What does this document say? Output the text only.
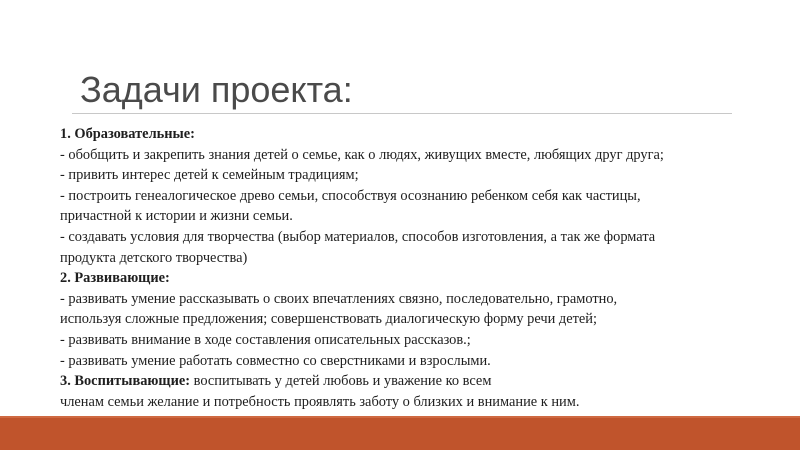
Задачи проекта:
1. Образовательные:
- обобщить и закрепить знания детей о семье, как о людях, живущих вместе, любящих друг друга;
- привить интерес детей к семейным традициям;
- построить генеалогическое древо семьи, способствуя осознанию ребенком себя как частицы,
причастной к истории и жизни семьи.
- создавать условия для творчества (выбор материалов, способов изготовления, а так же формата
продукта детского творчества)
2. Развивающие:
- развивать умение рассказывать о своих впечатлениях связно, последовательно, грамотно,
используя сложные предложения; совершенствовать диалогическую форму речи детей;
- развивать внимание в ходе составления описательных рассказов.;
- развивать умение работать совместно со сверстниками и взрослыми.
3. Воспитывающие: воспитывать у детей любовь и уважение ко всем
членам семьи желание и потребность проявлять заботу о близких и внимание к ним.
